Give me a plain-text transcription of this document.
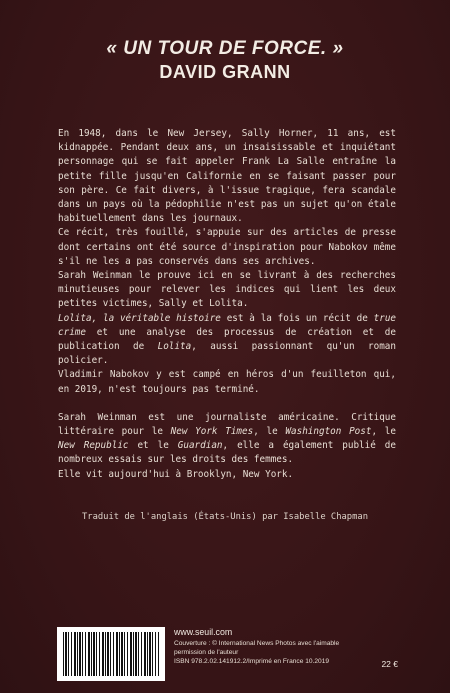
« UN TOUR DE FORCE. »
DAVID GRANN

En 1948, dans le New Jersey, Sally Horner, 11 ans, est kidnappée. Pendant deux ans, un insaisissable et inquiétant personnage qui se fait appeler Frank La Salle entraîne la petite fille jusqu'en Californie en se faisant passer pour son père. Ce fait divers, à l'issue tragique, fera scandale dans un pays où la pédophilie n'est pas un sujet qu'on étale habituellement dans les journaux.

Ce récit, très fouillé, s'appuie sur des articles de presse dont certains ont été source d'inspiration pour Nabokov même s'il ne les a pas conservés dans ses archives.

Sarah Weinman le prouve ici en se livrant à des recherches minutieuses pour relever les indices qui lient les deux petites victimes, Sally et Lolita.

Lolita, la véritable histoire est à la fois un récit de true crime et une analyse des processus de création et de publication de Lolita, aussi passionnant qu'un roman policier.

Vladimir Nabokov y est campé en héros d'un feuilleton qui, en 2019, n'est toujours pas terminé.

Sarah Weinman est une journaliste américaine. Critique littéraire pour le New York Times, le Washington Post, le New Republic et le Guardian, elle a également publié de nombreux essais sur les droits des femmes.

Elle vit aujourd'hui à Brooklyn, New York.

Traduit de l'anglais (États-Unis) par Isabelle Chapman
www.seuil.com
Couverture : © International News Photos avec l'aimable
permission de l'auteur
ISBN 978.2.02.141912.2/Imprimé en France 10.2019	22 €
